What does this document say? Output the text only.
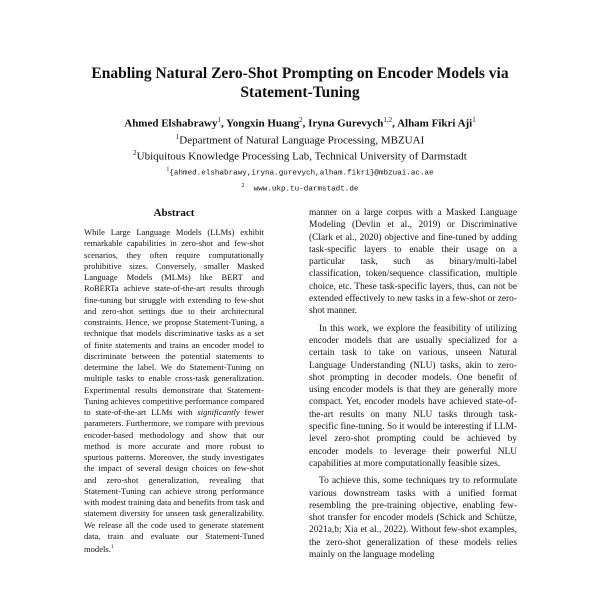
Enabling Natural Zero-Shot Prompting on Encoder Models via
Statement-Tuning
Ahmed Elshabrawy$^1$, Yongxin Huang$^2$, Iryna Gurevych$^{1,2}$, Alham Fikri Aji$^1$
$^1$Department of Natural Language Processing, MBZUAI
$^2$Ubiquitous Knowledge Processing Lab, Technical University of Darmstadt
$^1${ahmed.elshabrawy,iryna.gurevych,alham.fikri}@mbzuai.ac.ae
$^2$ www.ukp.tu-darmstadt.de
Abstract

While Large Language Models (LLMs) exhibit remarkable capabilities in zero-shot and few-shot scenarios, they often require computationally prohibitive sizes. Conversely, smaller Masked Language Models (MLMs) like BERT and RoBERTa achieve state-of-the-art results through fine-tuning but struggle with extending to few-shot and zero-shot settings due to their architectural constraints. Hence, we propose Statement-Tuning, a technique that models discriminative tasks as a set of finite statements and trains an encoder model to discriminate between the potential statements to determine the label. We do Statement-Tuning on multiple tasks to enable cross-task generalization. Experimental results demonstrate that Statement-Tuning achieves competitive performance compared to state-of-the-art LLMs with significantly fewer parameters. Furthermore, we compare with previous encoder-based methodology and show that our method is more accurate and more robust to spurious patterns. Moreover, the study investigates the impact of several design choices on few-shot and zero-shot generalization, revealing that Statement-Tuning can achieve strong performance with modest training data and benefits from task and statement diversity for unseen task generalizability. We release all the code used to generate statement data, train and evaluate our Statement-Tuned models.$^1$

manner on a large corpus with a Masked Language Modeling (Devlin et al., 2019) or Discriminative (Clark et al., 2020) objective and fine-tuned by adding task-specific layers to enable their usage on a particular task, such as binary/multi-label classification, token/sequence classification, multiple choice, etc. These task-specific layers, thus, can not be extended effectively to new tasks in a few-shot or zero-shot manner.

In this work, we explore the feasibility of utilizing encoder models that are usually specialized for a certain task to take on various, unseen Natural Language Understanding (NLU) tasks, akin to zero-shot prompting in decoder models. One benefit of using encoder models is that they are generally more compact. Yet, encoder models have achieved state-of-the-art results on many NLU tasks through task-specific fine-tuning. So it would be interesting if LLM-level zero-shot prompting could be achieved by encoder models to leverage their powerful NLU capabilities at more computationally feasible sizes.

To achieve this, some techniques try to reformulate various downstream tasks with a unified format resembling the pre-training objective, enabling few-shot transfer for encoder models (Schick and Schütze, 2021a,b; Xia et al., 2022). Without few-shot examples, the zero-shot generalization of these models relies mainly on the language modeling
